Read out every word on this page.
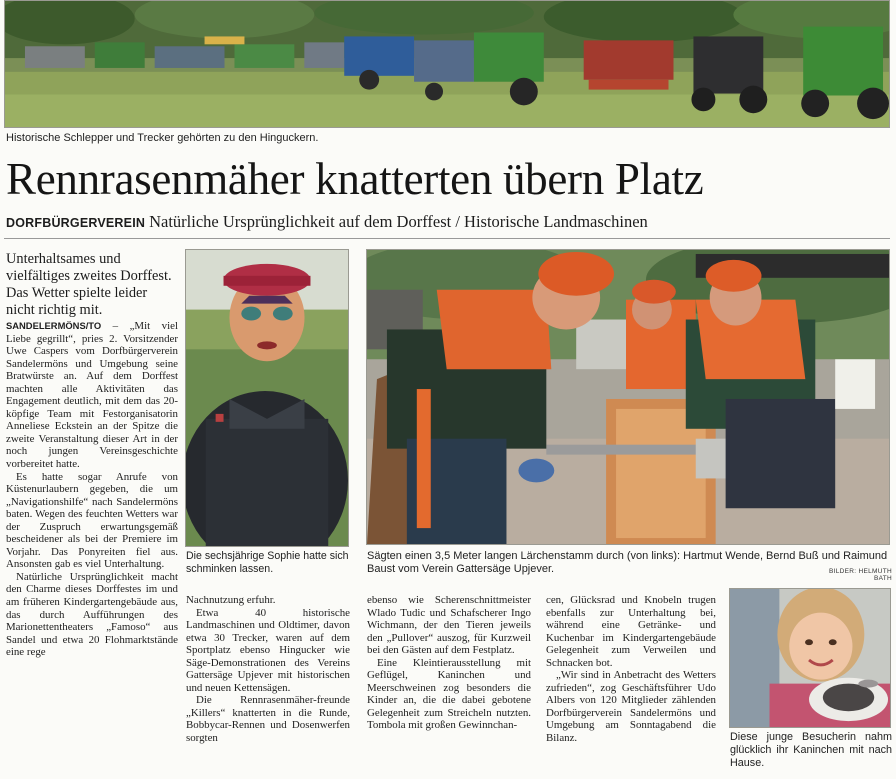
Historische Schlepper und Trecker gehörten zu den Hinguckern.
Rennrasenmäher knatterten übern Platz
DORFBÜRGERVEREIN Natürliche Ursprünglichkeit auf dem Dorffest / Historische Landmaschinen
Unterhaltsames und vielfältiges zweites Dorffest. Das Wetter spielte leider nicht richtig mit.

SANDELERMÖNS/TO – „Mit viel Liebe gegrillt“, pries 2. Vorsitzender Uwe Caspers vom Dorfbürgerverein Sandelermöns und Umgebung seine Bratwürste an. Auf dem Dorffest machten alle Aktivitäten das Engagement deutlich, mit dem das 20-köpfige Team mit Festorganisatorin Anneliese Eckstein an der Spitze die zweite Veranstaltung dieser Art in der noch jungen Vereinsgeschichte vorbereitet hatte.

Es hatte sogar Anrufe von Küstenurlaubern gegeben, die um „Navigationshilfe“ nach Sandelermöns baten. Wegen des feuchten Wetters war der Zuspruch erwartungsgemäß bescheidener als bei der Premiere im Vorjahr. Das Ponyreiten fiel aus. Ansonsten gab es viel Unterhaltung.

Natürliche Ursprünglichkeit macht den Charme dieses Dorffestes im und am früheren Kindergartengebäude aus, das durch Aufführungen des Marionettentheaters „Famoso“ aus Sandel und etwa 20 Flohmarktstände eine rege

Die sechsjährige Sophie hatte sich schminken lassen.
Sägten einen 3,5 Meter langen Lärchenstamm durch (von links): Hartmut Wende, Bernd Buß und Raimund Baust vom Verein Gattersäge Upjever.	BILDER: HELMUTH BATH

Nachnutzung erfuhr.

Etwa 40 historische Landmaschinen und Oldtimer, davon etwa 30 Trecker, waren auf dem Sportplatz ebenso Hingucker wie Säge-Demonstrationen des Vereins Gattersäge Upjever mit historischen und neuen Kettensägen.

Die Rennrasenmäher-freunde „Killers“ knatterten in die Runde, Bobbycar-Rennen und Dosenwerfen sorgten

ebenso wie Scherenschnittmeister Wlado Tudic und Schafscherer Ingo Wichmann, der den Tieren jeweils den „Pullover“ auszog, für Kurzweil bei den Gästen auf dem Festplatz.

Eine Kleintierausstellung mit Geflügel, Kaninchen und Meerschweinen zog besonders die Kinder an, die die dabei gebotene Gelegenheit zum Streicheln nutzten. Tombola mit großen Gewinnchan-

cen, Glücksrad und Knobeln trugen ebenfalls zur Unterhaltung bei, während eine Getränke- und Kuchenbar im Kindergartengebäude Gelegenheit zum Verweilen und Schnacken bot.

„Wir sind in Anbetracht des Wetters zufrieden“, zog Geschäftsführer Udo Albers von 120 Mitglieder zählenden Dorfbürgerverein Sandelermöns und Umgebung am Sonntagabend die Bilanz.	Diese junge Besucherin nahm glücklich ihr Kaninchen mit nach Hause.
